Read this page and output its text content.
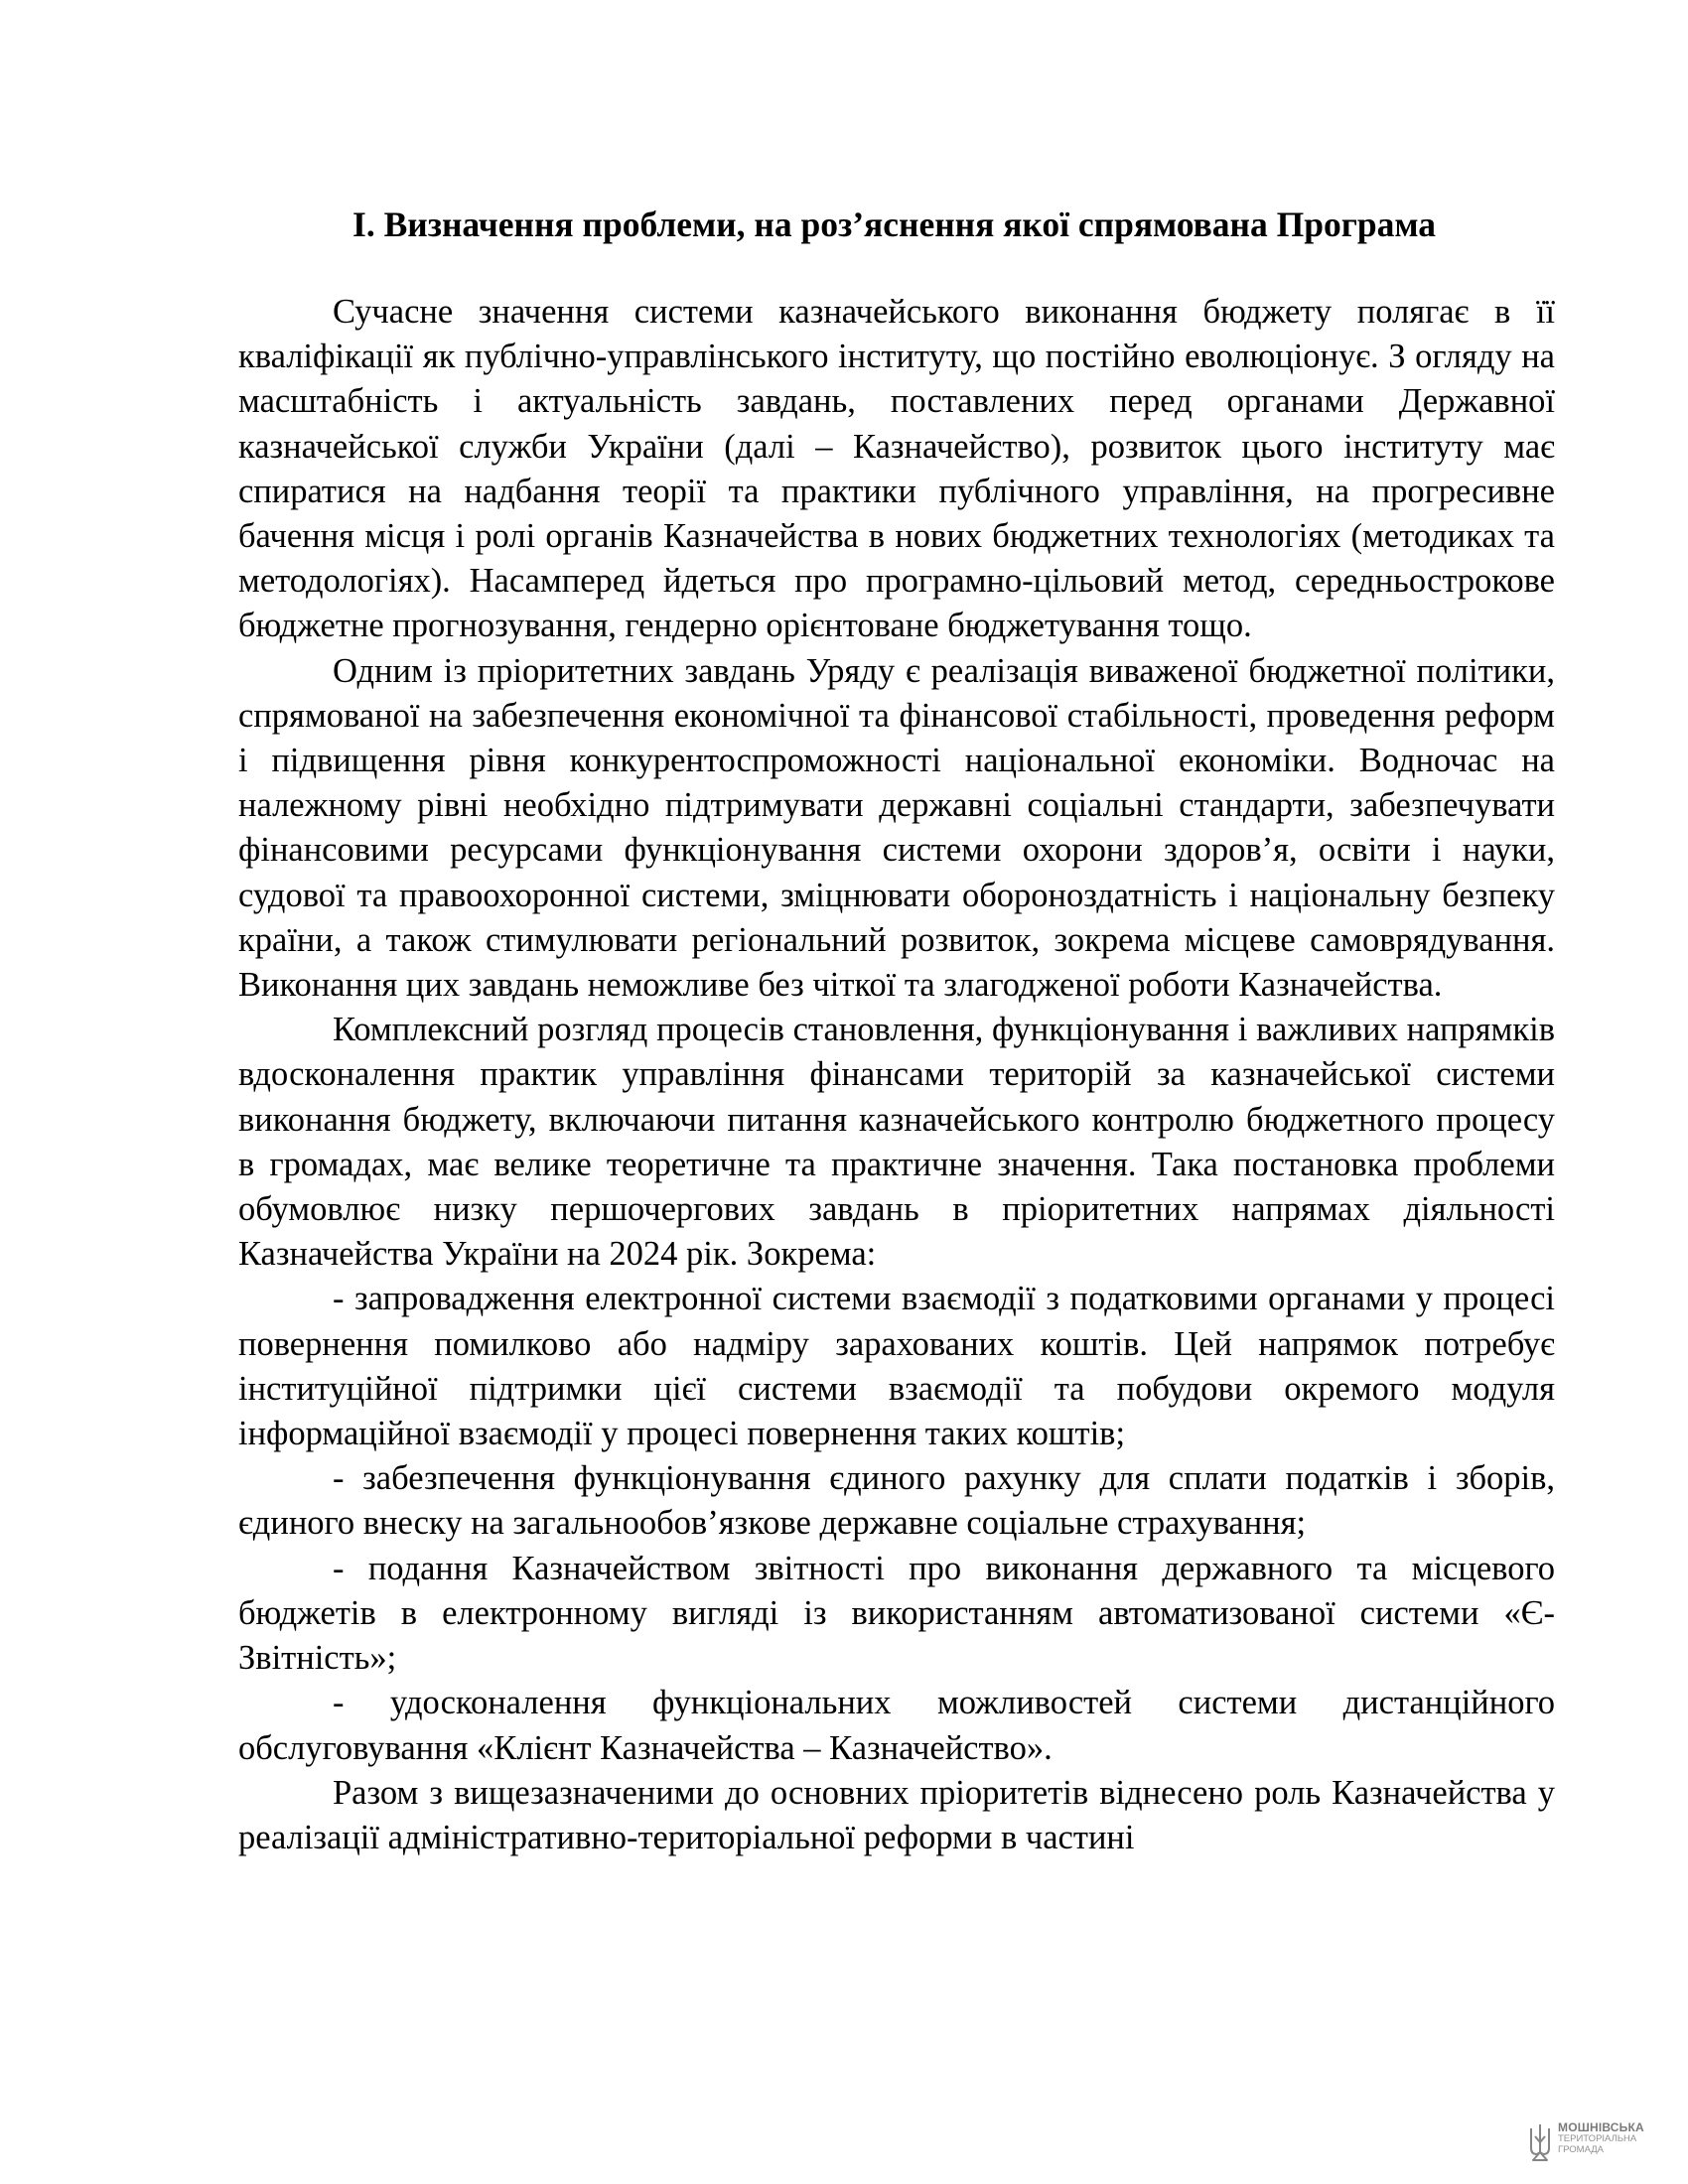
І. Визначення проблеми, на роз’яснення якої спрямована Програма

Сучасне значення системи казначейського виконання бюджету полягає в її кваліфікації як публічно-управлінського інституту, що постійно еволюціонує. З огляду на масштабність і актуальність завдань, поставлених перед органами Державної казначейської служби України (далі – Казначейство), розвиток цього інституту має спиратися на надбання теорії та практики публічного управління, на прогресивне бачення місця і ролі органів Казначейства в нових бюджетних технологіях (методиках та методологіях). Насамперед йдеться про програмно-цільовий метод, середньострокове бюджетне прогнозування, гендерно орієнтоване бюджетування тощо.

Одним із пріоритетних завдань Уряду є реалізація виваженої бюджетної політики, спрямованої на забезпечення економічної та фінансової стабільності, проведення реформ і підвищення рівня конкурентоспроможності національної економіки. Водночас на належному рівні необхідно підтримувати державні соціальні стандарти, забезпечувати фінансовими ресурсами функціонування системи охорони здоров’я, освіти і науки, судової та правоохоронної системи, зміцнювати обороноздатність і національну безпеку країни, а також стимулювати регіональний розвиток, зокрема місцеве самоврядування. Виконання цих завдань неможливе без чіткої та злагодженої роботи Казначейства.

Комплексний розгляд процесів становлення, функціонування і важливих напрямків вдосконалення практик управління фінансами територій за казначейської системи виконання бюджету, включаючи питання казначейського контролю бюджетного процесу в громадах, має велике теоретичне та практичне значення. Така постановка проблеми обумовлює низку першочергових завдань в пріоритетних напрямах діяльності Казначейства України на 2024 рік. Зокрема:

- запровадження електронної системи взаємодії з податковими органами у процесі повернення помилково або надміру зарахованих коштів. Цей напрямок потребує інституційної підтримки цієї системи взаємодії та побудови окремого модуля інформаційної взаємодії у процесі повернення таких коштів;

- забезпечення функціонування єдиного рахунку для сплати податків і зборів, єдиного внеску на загальнообов’язкове державне соціальне страхування;

- подання Казначейством звітності про виконання державного та місцевого бюджетів в електронному вигляді із використанням автоматизованої системи «Є-Звітність»;

- удосконалення функціональних можливостей системи дистанційного обслуговування «Клієнт Казначейства – Казначейство».

Разом з вищезазначеними до основних пріоритетів віднесено роль Казначейства у реалізації адміністративно-територіальної реформи в частині

МОШНІВСЬКА
ТЕРИТОРІАЛЬНА
ГРОМАДА
